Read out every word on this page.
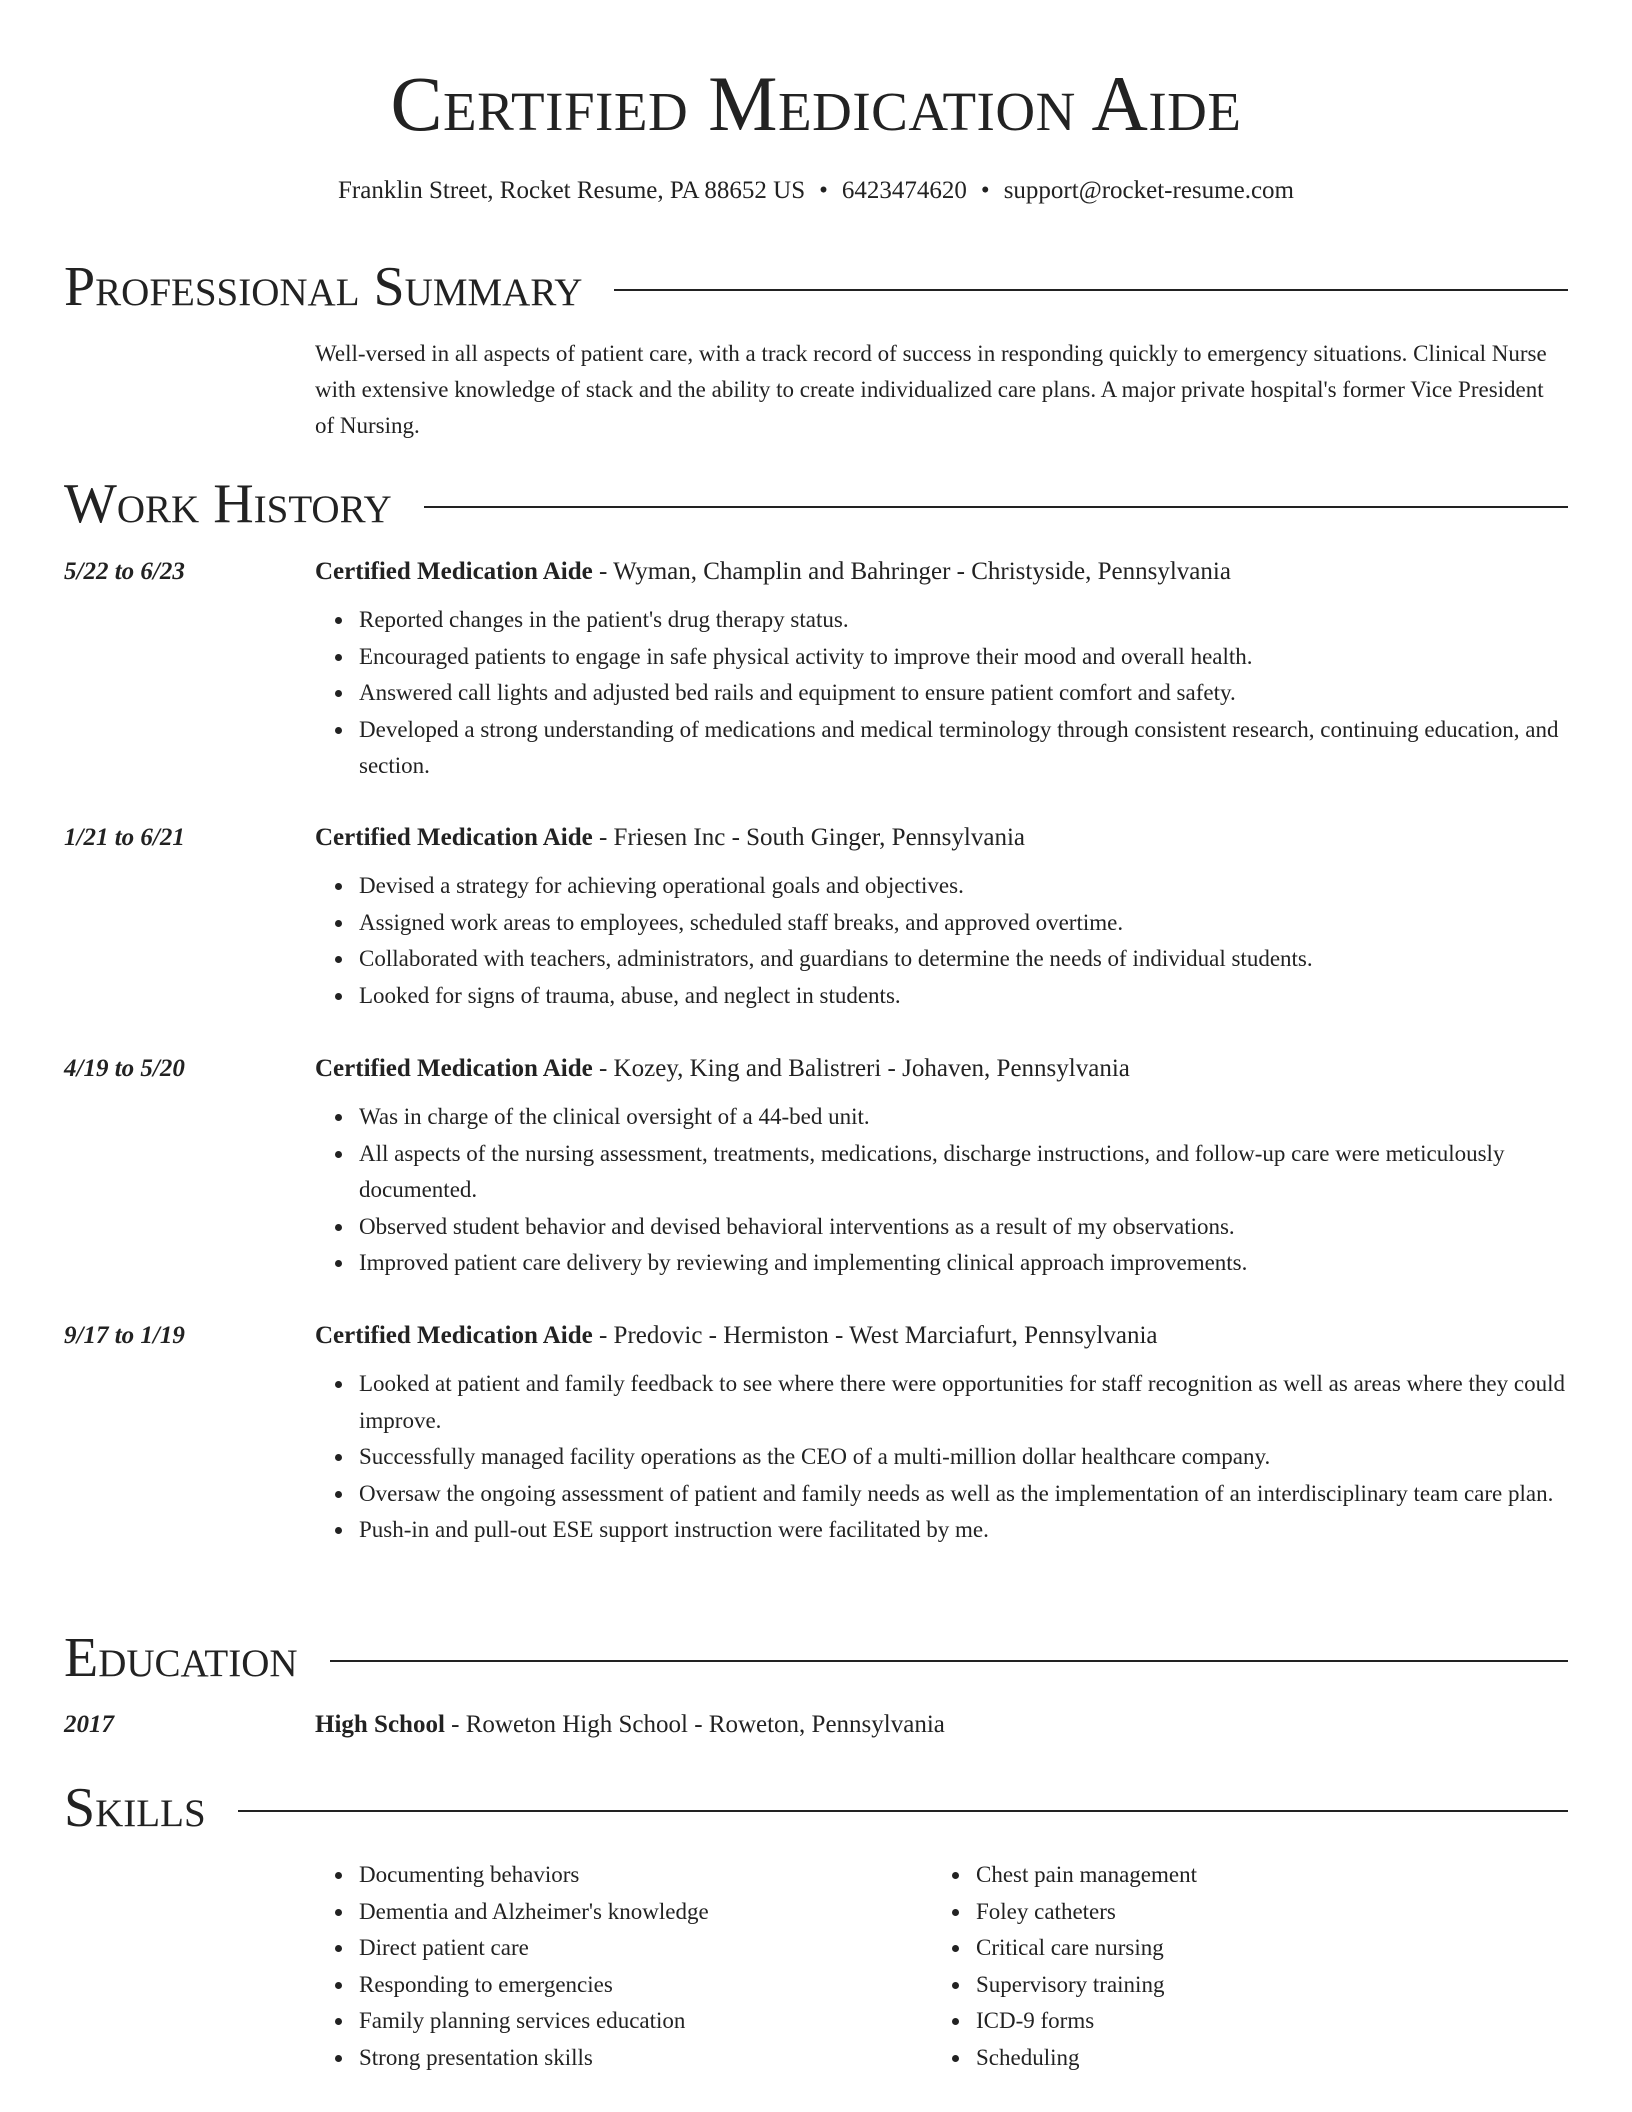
Certified Medication Aide
Franklin Street, Rocket Resume, PA 88652 US • 6423474620 • support@rocket-resume.com
Professional Summary

Well-versed in all aspects of patient care, with a track record of success in responding quickly to emergency situations. Clinical Nurse with extensive knowledge of stack and the ability to create individualized care plans. A major private hospital's former Vice President of Nursing.

Work History
5/22 to 6/23	Certified Medication Aide - Wyman, Champlin and Bahringer - Christyside, Pennsylvania
Reported changes in the patient's drug therapy status.
Encouraged patients to engage in safe physical activity to improve their mood and overall health.
Answered call lights and adjusted bed rails and equipment to ensure patient comfort and safety.
Developed a strong understanding of medications and medical terminology through consistent research, continuing education, and section.
1/21 to 6/21	Certified Medication Aide - Friesen Inc - South Ginger, Pennsylvania
Devised a strategy for achieving operational goals and objectives.
Assigned work areas to employees, scheduled staff breaks, and approved overtime.
Collaborated with teachers, administrators, and guardians to determine the needs of individual students.
Looked for signs of trauma, abuse, and neglect in students.
4/19 to 5/20	Certified Medication Aide - Kozey, King and Balistreri - Johaven, Pennsylvania
Was in charge of the clinical oversight of a 44-bed unit.
All aspects of the nursing assessment, treatments, medications, discharge instructions, and follow-up care were meticulously documented.
Observed student behavior and devised behavioral interventions as a result of my observations.
Improved patient care delivery by reviewing and implementing clinical approach improvements.
9/17 to 1/19	Certified Medication Aide - Predovic - Hermiston - West Marciafurt, Pennsylvania
Looked at patient and family feedback to see where there were opportunities for staff recognition as well as areas where they could improve.
Successfully managed facility operations as the CEO of a multi-million dollar healthcare company.
Oversaw the ongoing assessment of patient and family needs as well as the implementation of an interdisciplinary team care plan.
Push-in and pull-out ESE support instruction were facilitated by me.
Education
2017	High School - Roweton High School - Roweton, Pennsylvania
Skills
Documenting behaviors
Dementia and Alzheimer's knowledge
Direct patient care
Responding to emergencies
Family planning services education
Strong presentation skills
Chest pain management
Foley catheters
Critical care nursing
Supervisory training
ICD-9 forms
Scheduling
